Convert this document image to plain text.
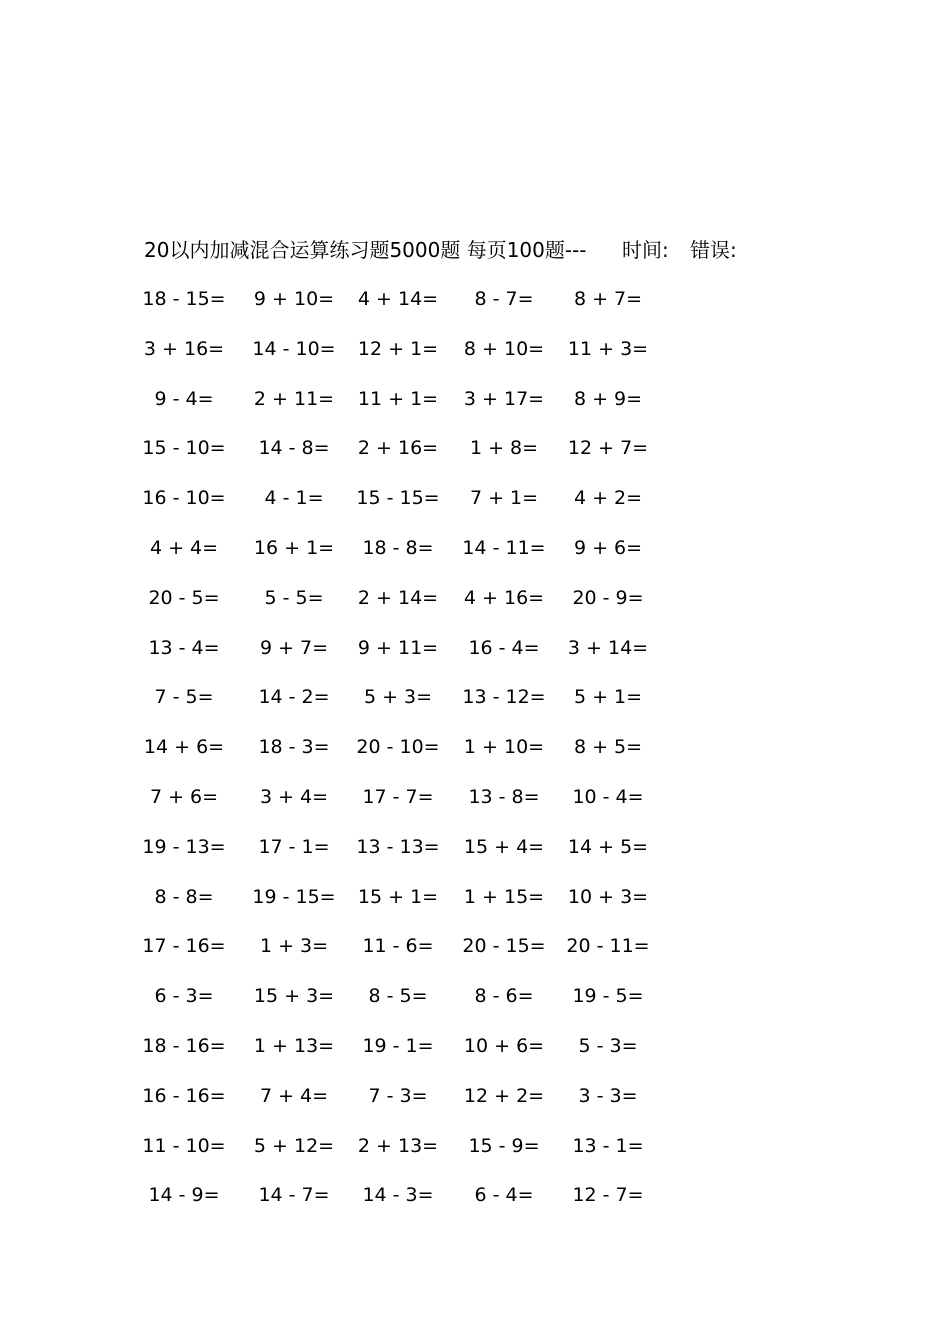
20以内加减混合运算练习题5000题 每页100题--- 时间: 错误:
18 - 15=	9 + 10=	4 + 14=	8 - 7=	8 + 7=
3 + 16=	14 - 10=	12 + 1=	8 + 10=	11 + 3=
9 - 4=	2 + 11=	11 + 1=	3 + 17=	8 + 9=
15 - 10=	14 - 8=	2 + 16=	1 + 8=	12 + 7=
16 - 10=	4 - 1=	15 - 15=	7 + 1=	4 + 2=
4 + 4=	16 + 1=	18 - 8=	14 - 11=	9 + 6=
20 - 5=	5 - 5=	2 + 14=	4 + 16=	20 - 9=
13 - 4=	9 + 7=	9 + 11=	16 - 4=	3 + 14=
7 - 5=	14 - 2=	5 + 3=	13 - 12=	5 + 1=
14 + 6=	18 - 3=	20 - 10=	1 + 10=	8 + 5=
7 + 6=	3 + 4=	17 - 7=	13 - 8=	10 - 4=
19 - 13=	17 - 1=	13 - 13=	15 + 4=	14 + 5=
8 - 8=	19 - 15=	15 + 1=	1 + 15=	10 + 3=
17 - 16=	1 + 3=	11 - 6=	20 - 15=	20 - 11=
6 - 3=	15 + 3=	8 - 5=	8 - 6=	19 - 5=
18 - 16=	1 + 13=	19 - 1=	10 + 6=	5 - 3=
16 - 16=	7 + 4=	7 - 3=	12 + 2=	3 - 3=
11 - 10=	5 + 12=	2 + 13=	15 - 9=	13 - 1=
14 - 9=	14 - 7=	14 - 3=	6 - 4=	12 - 7=
